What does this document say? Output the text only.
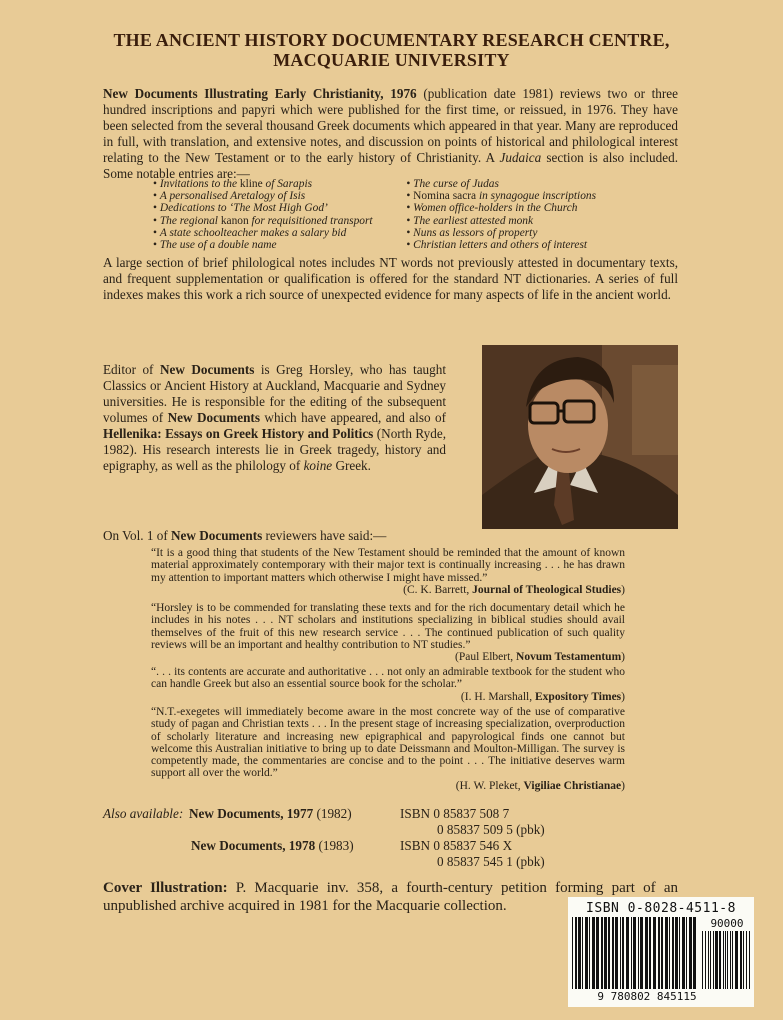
THE ANCIENT HISTORY DOCUMENTARY RESEARCH CENTRE,
MACQUARIE UNIVERSITY
New Documents Illustrating Early Christianity, 1976 (publication date 1981) reviews two or three hundred inscriptions and papyri which were published for the first time, or reissued, in 1976. They have been selected from the several thousand Greek documents which appeared in that year. Many are reproduced in full, with translation, and extensive notes, and discussion on points of historical and philological interest relating to the New Testament or to the early history of Christianity. A Judaica section is also included. Some notable entries are:—
• Invitations to the kline of Sarapis
• A personalised Aretalogy of Isis
• Dedications to ‘The Most High God’
• The regional kanon for requisitioned transport
• A state schoolteacher makes a salary bid
• The use of a double name
• The curse of Judas
• Nomina sacra in synagogue inscriptions
• Women office-holders in the Church
• The earliest attested monk
• Nuns as lessors of property
• Christian letters and others of interest
A large section of brief philological notes includes NT words not previously attested in documentary texts, and frequent supplementation or qualification is offered for the standard NT dictionaries. A series of full indexes makes this work a rich source of unexpected evidence for many aspects of life in the ancient world.
Editor of New Documents is Greg Horsley, who has taught Classics or Ancient History at Auckland, Macquarie and Sydney universities. He is responsible for the editing of the subsequent volumes of New Documents which have appeared, and also of Hellenika: Essays on Greek History and Politics (North Ryde, 1982). His research interests lie in Greek tragedy, history and epigraphy, as well as the philology of koine Greek.
On Vol. 1 of New Documents reviewers have said:—
“It is a good thing that students of the New Testament should be reminded that the amount of known material approximately contemporary with their major text is continually increasing . . . he has drawn my attention to important matters which otherwise I might have missed.”
(C. K. Barrett, Journal of Theological Studies)
“Horsley is to be commended for translating these texts and for the rich documentary detail which he includes in his notes . . . NT scholars and institutions specializing in biblical studies should avail themselves of the fruit of this new research service . . . The continued publication of such quality reviews will be an important and healthy contribution to NT studies.”
(Paul Elbert, Novum Testamentum)
“. . . its contents are accurate and authoritative . . . not only an admirable textbook for the student who can handle Greek but also an essential source book for the scholar.”
(I. H. Marshall, Expository Times)
“N.T.-exegetes will immediately become aware in the most concrete way of the use of comparative study of pagan and Christian texts . . . In the present stage of increasing specialization, overproduction of scholarly literature and increasing new epigraphical and papyrological finds one cannot but welcome this Australian initiative to bring up to date Deissmann and Moulton-Milligan. The survey is competently made, the commentaries are concise and to the point . . . The initiative deserves warm support all over the world.”
(H. W. Pleket, Vigiliae Christianae)
Also available: New Documents, 1977 (1982)	ISBN 0 85837 508 7
0 85837 509 5 (pbk)
New Documents, 1978 (1983)	ISBN 0 85837 546 X
0 85837 545 1 (pbk)
Cover Illustration: P. Macquarie inv. 358, a fourth-century petition forming part of an unpublished archive acquired in 1981 for the Macquarie collection.	ISBN 0-8028-4511-8
90000
9 780802 845115
